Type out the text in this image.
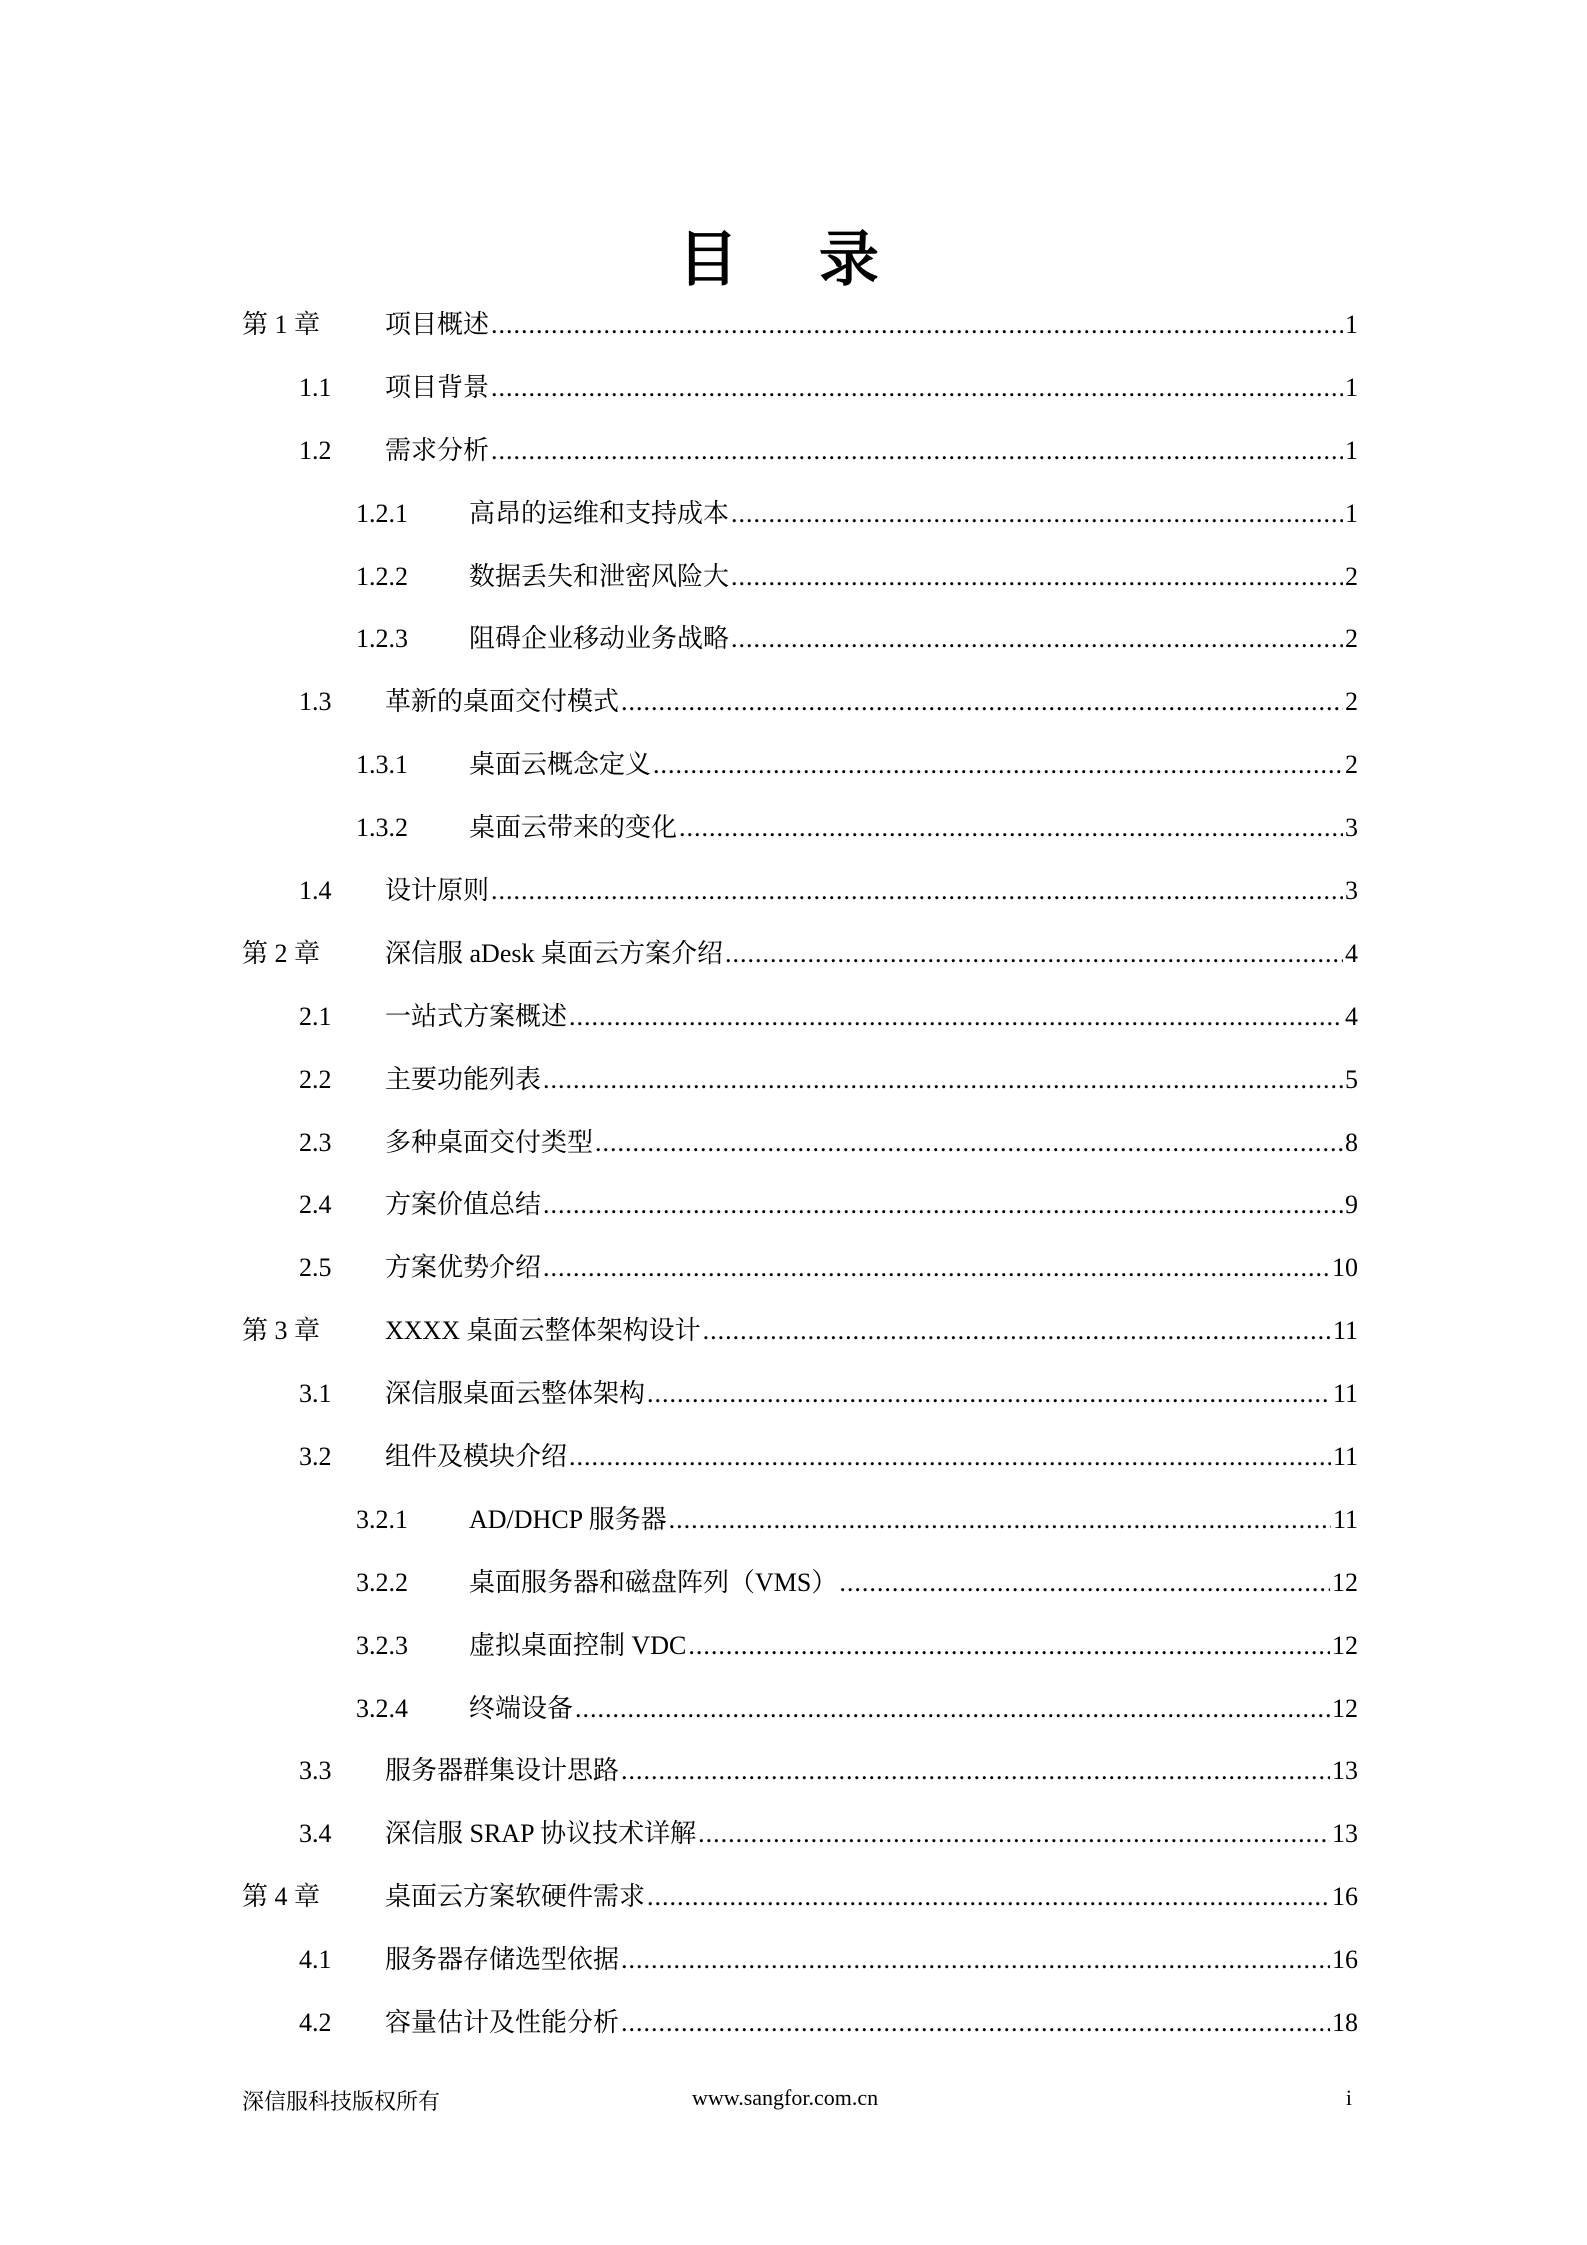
目 录
第 1 章	项目概述 .....	1
1.1	项目背景 .....	1
1.2	需求分析 .....	1
1.2.1	高昂的运维和支持成本 .....	1
1.2.2	数据丢失和泄密风险大 .....	2
1.2.3	阻碍企业移动业务战略 .....	2
1.3	革新的桌面交付模式 .....	2
1.3.1	桌面云概念定义 .....	2
1.3.2	桌面云带来的变化 .....	3
1.4	设计原则 .....	3
第 2 章	深信服 aDesk 桌面云方案介绍 .....	4
2.1	一站式方案概述 .....	4
2.2	主要功能列表 .....	5
2.3	多种桌面交付类型 .....	8
2.4	方案价值总结 .....	9
2.5	方案优势介绍 .....	10
第 3 章	XXXX 桌面云整体架构设计 .....	11
3.1	深信服桌面云整体架构 .....	11
3.2	组件及模块介绍 .....	11
3.2.1	AD/DHCP 服务器 .....	11
3.2.2	桌面服务器和磁盘阵列（VMS） .....	12
3.2.3	虚拟桌面控制 VDC .....	12
3.2.4	终端设备 .....	12
3.3	服务器群集设计思路 .....	13
3.4	深信服 SRAP 协议技术详解 .....	13
第 4 章	桌面云方案软硬件需求 .....	16
4.1	服务器存储选型依据 .....	16
4.2	容量估计及性能分析 .....	18
深信服科技版权所有	www.sangfor.com.cn	i
